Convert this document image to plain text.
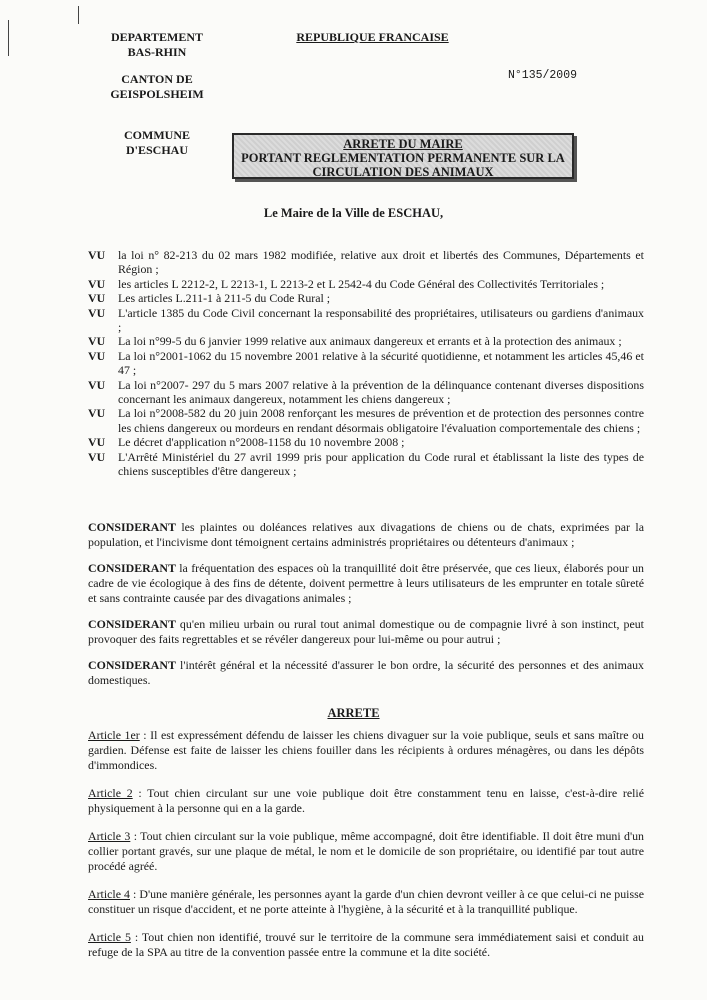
DEPARTEMENT
BAS-RHIN
CANTON DE
GEISPOLSHEIM
COMMUNE
D'ESCHAU
REPUBLIQUE FRANCAISE
N°135/2009
ARRETE DU MAIRE
PORTANT REGLEMENTATION PERMANENTE SUR LA
CIRCULATION DES ANIMAUX
Le Maire de la Ville de ESCHAU,
VU	la loi n° 82-213 du 02 mars 1982 modifiée, relative aux droit et libertés des Communes, Départements et Région ;
VU	les articles L 2212-2, L 2213-1, L 2213-2 et L 2542-4 du Code Général des Collectivités Territoriales ;
VU	Les articles L.211-1 à 211-5 du Code Rural ;
VU	L'article 1385 du Code Civil concernant la responsabilité des propriétaires, utilisateurs ou gardiens d'animaux ;
VU	La loi n°99-5 du 6 janvier 1999 relative aux animaux dangereux et errants et à la protection des animaux ;
VU	La loi n°2001-1062 du 15 novembre 2001 relative à la sécurité quotidienne, et notamment les articles 45,46 et 47 ;
VU	La loi n°2007- 297 du 5 mars 2007 relative à la prévention de la délinquance contenant diverses dispositions concernant les animaux dangereux, notamment les chiens dangereux ;
VU	La loi n°2008-582 du 20 juin 2008 renforçant les mesures de prévention et de protection des personnes contre les chiens dangereux ou mordeurs en rendant désormais obligatoire l'évaluation comportementale des chiens ;
VU	Le décret d'application n°2008-1158 du 10 novembre 2008 ;
VU	L'Arrêté Ministériel du 27 avril 1999 pris pour application du Code rural et établissant la liste des types de chiens susceptibles d'être dangereux ;
CONSIDERANT les plaintes ou doléances relatives aux divagations de chiens ou de chats, exprimées par la population, et l'incivisme dont témoignent certains administrés propriétaires ou détenteurs d'animaux ;
CONSIDERANT la fréquentation des espaces où la tranquillité doit être préservée, que ces lieux, élaborés pour un cadre de vie écologique à des fins de détente, doivent permettre à leurs utilisateurs de les emprunter en totale sûreté et sans contrainte causée par des divagations animales ;
CONSIDERANT qu'en milieu urbain ou rural tout animal domestique ou de compagnie livré à son instinct, peut provoquer des faits regrettables et se révéler dangereux pour lui-même ou pour autrui ;
CONSIDERANT l'intérêt général et la nécessité d'assurer le bon ordre, la sécurité des personnes et des animaux domestiques.
ARRETE
Article 1er : Il est expressément défendu de laisser les chiens divaguer sur la voie publique, seuls et sans maître ou gardien. Défense est faite de laisser les chiens fouiller dans les récipients à ordures ménagères, ou dans les dépôts d'immondices.
Article 2 : Tout chien circulant sur une voie publique doit être constamment tenu en laisse, c'est-à-dire relié physiquement à la personne qui en a la garde.
Article 3 : Tout chien circulant sur la voie publique, même accompagné, doit être identifiable. Il doit être muni d'un collier portant gravés, sur une plaque de métal, le nom et le domicile de son propriétaire, ou identifié par tout autre procédé agréé.
Article 4 : D'une manière générale, les personnes ayant la garde d'un chien devront veiller à ce que celui-ci ne puisse constituer un risque d'accident, et ne porte atteinte à l'hygiène, à la sécurité et à la tranquillité publique.
Article 5 : Tout chien non identifié, trouvé sur le territoire de la commune sera immédiatement saisi et conduit au refuge de la SPA au titre de la convention passée entre la commune et la dite société.
